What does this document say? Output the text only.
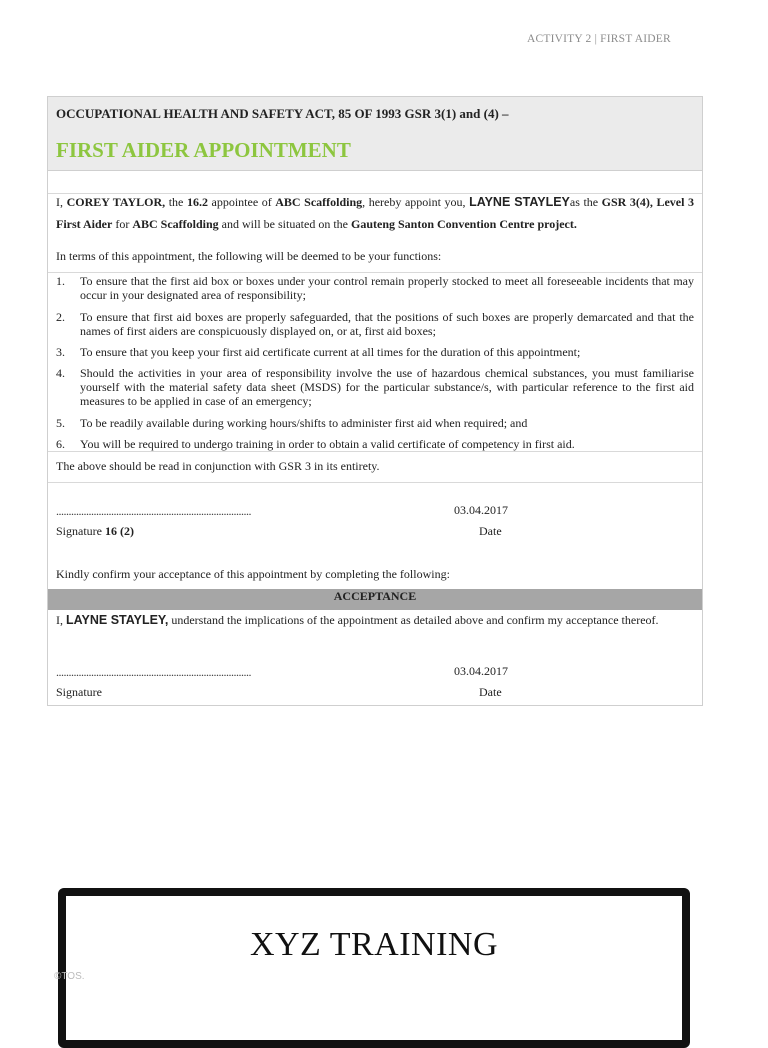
ACTIVITY 2 | FIRST AIDER
OCCUPATIONAL HEALTH AND SAFETY ACT, 85 OF 1993 GSR 3(1) and (4) –
FIRST AIDER APPOINTMENT
I, COREY TAYLOR, the 16.2 appointee of ABC Scaffolding, hereby appoint you, LAYNE STAYLEYas the GSR 3(4), Level 3 First Aider for ABC Scaffolding and will be situated on the Gauteng Santon Convention Centre project.
In terms of this appointment, the following will be deemed to be your functions:
1.	To ensure that the first aid box or boxes under your control remain properly stocked to meet all foreseeable incidents that may occur in your designated area of responsibility;
2.	To ensure that first aid boxes are properly safeguarded, that the positions of such boxes are properly demarcated and that the names of first aiders are conspicuously displayed on, or at, first aid boxes;
3.	To ensure that you keep your first aid certificate current at all times for the duration of this appointment;
4.	Should the activities in your area of responsibility involve the use of hazardous chemical substances, you must familiarise yourself with the material safety data sheet (MSDS) for the particular substance/s, with particular reference to the first aid measures to be applied in case of an emergency;
5.	To be readily available during working hours/shifts to administer first aid when required; and
6.	You will be required to undergo training in order to obtain a valid certificate of competency in first aid.
The above should be read in conjunction with GSR 3 in its entirety.
..............................................................................	03.04.2017
Signature 16 (2)	Date
Kindly confirm your acceptance of this appointment by completing the following:
ACCEPTANCE
I, LAYNE STAYLEY, understand the implications of the appointment as detailed above and confirm my acceptance thereof.
..............................................................................	03.04.2017
Signature	Date
XYZ TRAINING
©TOS.
